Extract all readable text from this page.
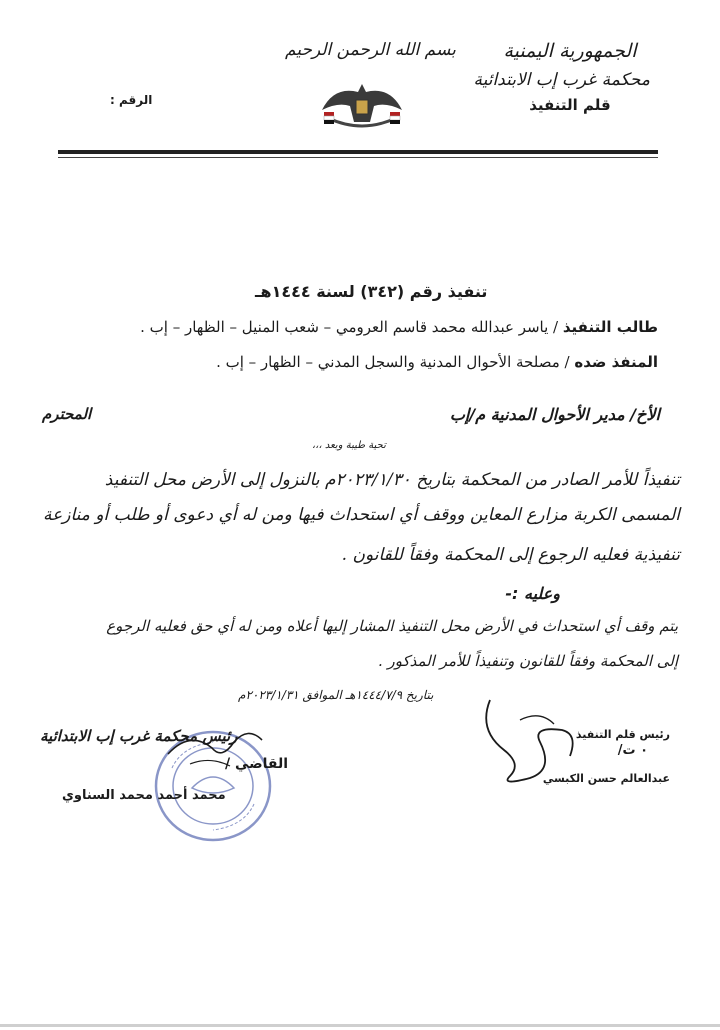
الجمهورية اليمنية
محكمة غرب إب الابتدائية
قلم التنفيذ
بسم الله الرحمن الرحيم
الرقم :
تنفيذ رقم (٣٤٢) لسنة ١٤٤٤هـ
طالب التنفيذ / ياسر عبدالله محمد قاسم العرومي – شعب المنيل – الظهار – إب .
المنفذ ضده / مصلحة الأحوال المدنية والسجل المدني – الظهار – إب .
الأخ/ مدير الأحوال المدنية م/إب
المحترم
تحية طيبة وبعد ،،،
تنفيذاً للأمر الصادر من المحكمة بتاريخ ٢٠٢٣/١/٣٠م بالنزول إلى الأرض محل التنفيذ
المسمى الكربة مزارع المعاين ووقف أي استحداث فيها ومن له أي دعوى أو طلب أو منازعة
تنفيذية فعليه الرجوع إلى المحكمة وفقاً للقانون .
وعليه :-
يتم وقف أي استحداث في الأرض محل التنفيذ المشار إليها أعلاه ومن له أي حق فعليه الرجوع
إلى المحكمة وفقاً للقانون وتنفيذاً للأمر المذكور .
بتاريخ ١٤٤٤/٧/٩هـ الموافق ٢٠٢٣/١/٣١م
رئيس محكمة غرب إب الابتدائية
القاضي /
محمد أحمد محمد السناوي
رئيس قلم التنفيذ
٠ ت/
عبدالعالم حسن الكبسي
